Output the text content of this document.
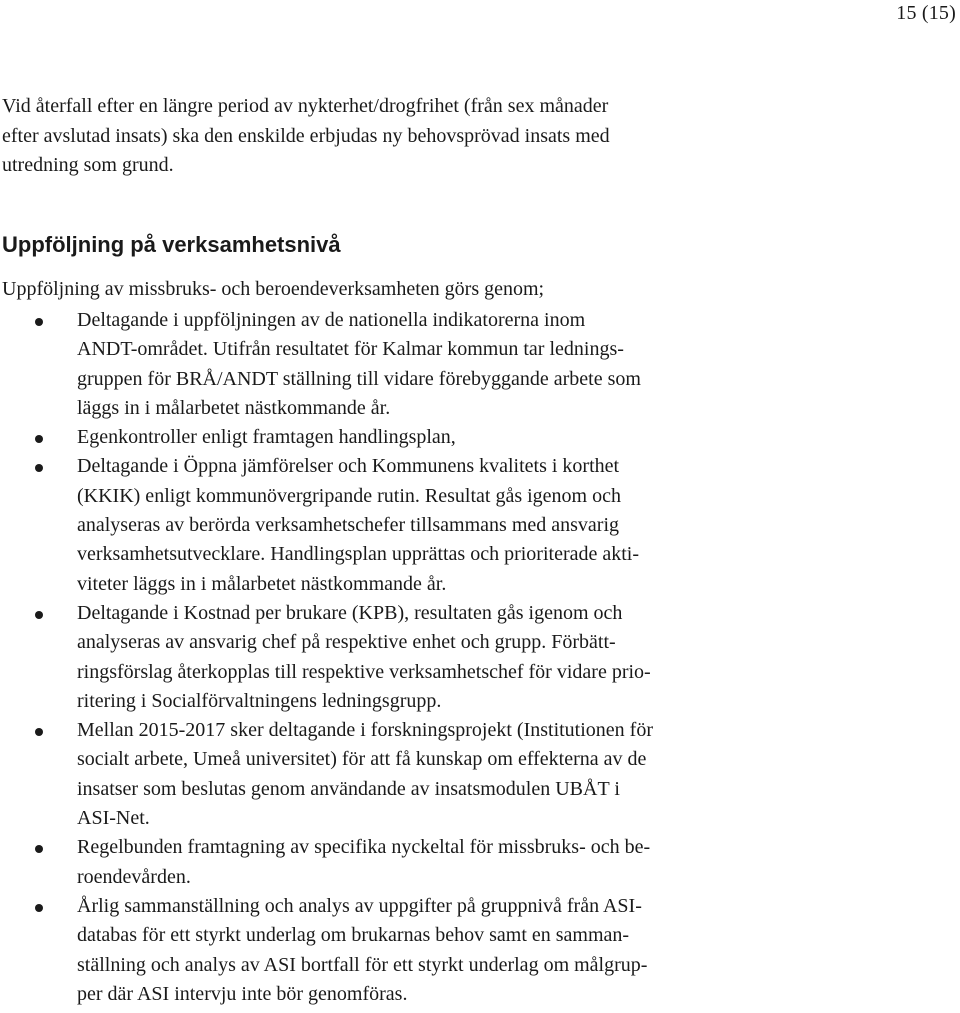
15 (15)
Vid återfall efter en längre period av nykterhet/drogfrihet (från sex månader
efter avslutad insats) ska den enskilde erbjudas ny behovsprövad insats med
utredning som grund.
Uppföljning på verksamhetsnivå
Uppföljning av missbruks- och beroendeverksamheten görs genom;
Deltagande i uppföljningen av de nationella indikatorerna inom
ANDT-området. Utifrån resultatet för Kalmar kommun tar lednings-
gruppen för BRÅ/ANDT ställning till vidare förebyggande arbete som
läggs in i målarbetet nästkommande år.
Egenkontroller enligt framtagen handlingsplan,
Deltagande i Öppna jämförelser och Kommunens kvalitets i korthet
(KKIK) enligt kommunövergripande rutin. Resultat gås igenom och
analyseras av berörda verksamhetschefer tillsammans med ansvarig
verksamhetsutvecklare. Handlingsplan upprättas och prioriterade akti-
viteter läggs in i målarbetet nästkommande år.
Deltagande i Kostnad per brukare (KPB), resultaten gås igenom och
analyseras av ansvarig chef på respektive enhet och grupp. Förbätt-
ringsförslag återkopplas till respektive verksamhetschef för vidare prio-
ritering i Socialförvaltningens ledningsgrupp.
Mellan 2015-2017 sker deltagande i forskningsprojekt (Institutionen för
socialt arbete, Umeå universitet) för att få kunskap om effekterna av de
insatser som beslutas genom användande av insatsmodulen UBÅT i
ASI-Net.
Regelbunden framtagning av specifika nyckeltal för missbruks- och be-
roendevården.
Årlig sammanställning och analys av uppgifter på gruppnivå från ASI-
databas för ett styrkt underlag om brukarnas behov samt en samman-
ställning och analys av ASI bortfall för ett styrkt underlag om målgrup-
per där ASI intervju inte bör genomföras.
